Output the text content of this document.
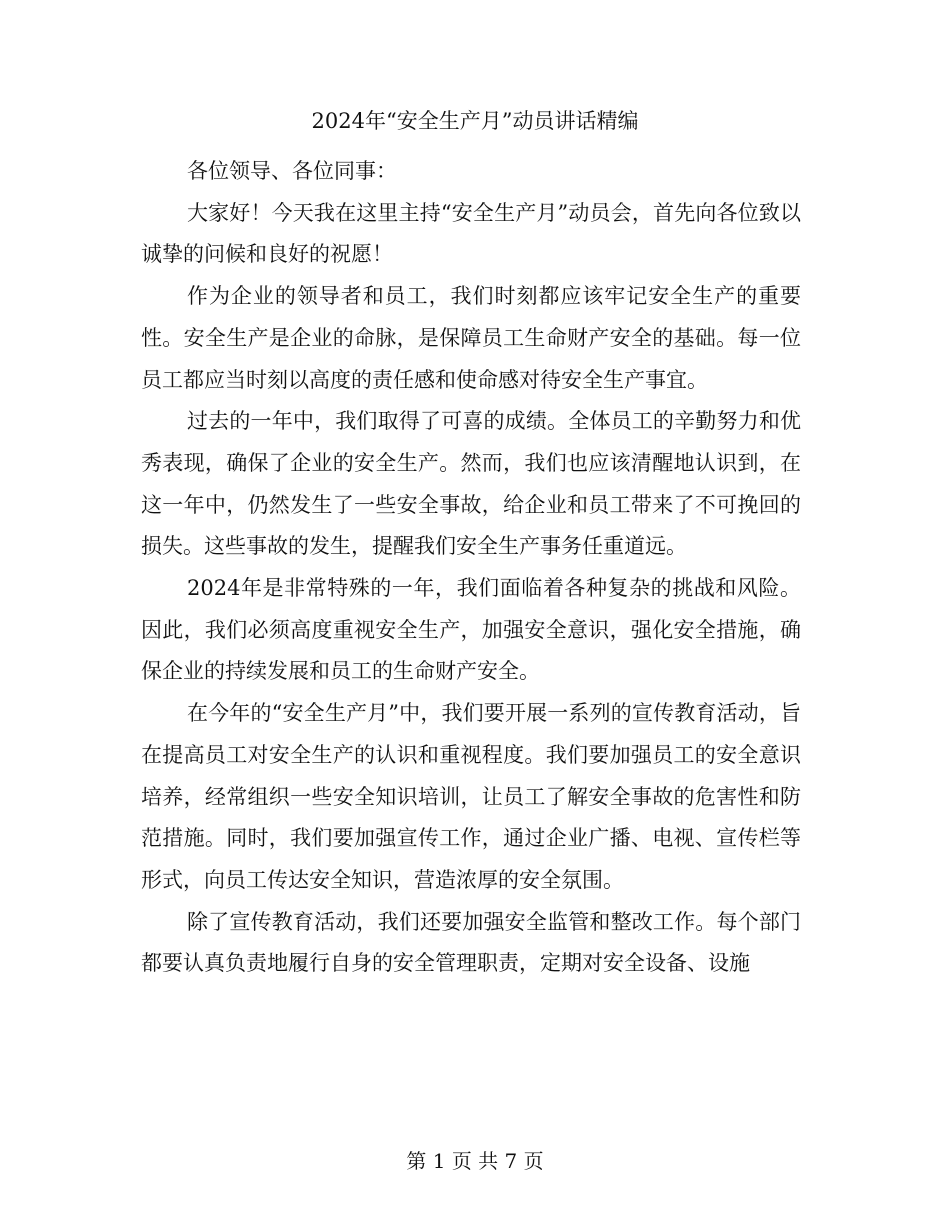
2024年“安全生产月”动员讲话精编

各位领导、各位同事：

大家好！今天我在这里主持“安全生产月”动员会，首先向各位致以诚挚的问候和良好的祝愿！

作为企业的领导者和员工，我们时刻都应该牢记安全生产的重要性。安全生产是企业的命脉，是保障员工生命财产安全的基础。每一位员工都应当时刻以高度的责任感和使命感对待安全生产事宜。

过去的一年中，我们取得了可喜的成绩。全体员工的辛勤努力和优秀表现，确保了企业的安全生产。然而，我们也应该清醒地认识到，在这一年中，仍然发生了一些安全事故，给企业和员工带来了不可挽回的损失。这些事故的发生，提醒我们安全生产事务任重道远。

2024年是非常特殊的一年，我们面临着各种复杂的挑战和风险。因此，我们必须高度重视安全生产，加强安全意识，强化安全措施，确保企业的持续发展和员工的生命财产安全。

在今年的“安全生产月”中，我们要开展一系列的宣传教育活动，旨在提高员工对安全生产的认识和重视程度。我们要加强员工的安全意识培养，经常组织一些安全知识培训，让员工了解安全事故的危害性和防范措施。同时，我们要加强宣传工作，通过企业广播、电视、宣传栏等形式，向员工传达安全知识，营造浓厚的安全氛围。

除了宣传教育活动，我们还要加强安全监管和整改工作。每个部门都要认真负责地履行自身的安全管理职责，定期对安全设备、设施

第 1 页 共 7 页
